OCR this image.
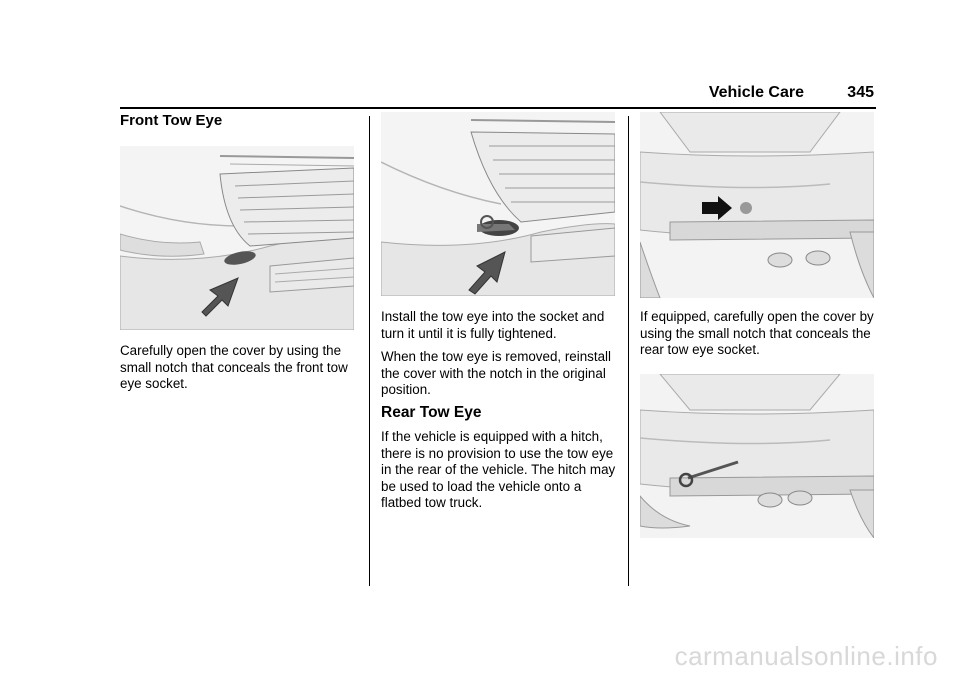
Vehicle Care	345
Front Tow Eye
Carefully open the cover by using the small notch that conceals the front tow eye socket.
Install the tow eye into the socket and turn it until it is fully tightened.
When the tow eye is removed, reinstall the cover with the notch in the original position.
Rear Tow Eye
If the vehicle is equipped with a hitch, there is no provision to use the tow eye in the rear of the vehicle. The hitch may be used to load the vehicle onto a flatbed tow truck.
If equipped, carefully open the cover by using the small notch that conceals the rear tow eye socket.
carmanualsonline.info
